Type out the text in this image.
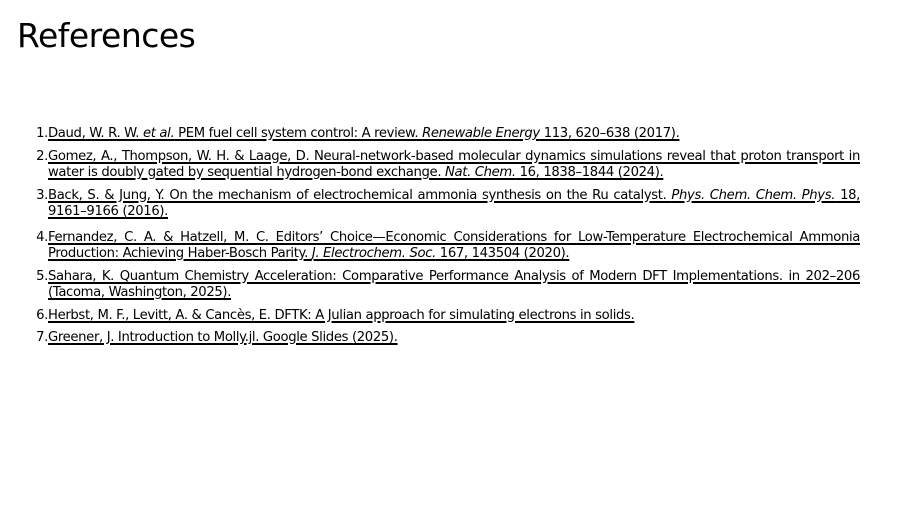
References
1. Daud, W. R. W. et al. PEM fuel cell system control: A review. Renewable Energy 113, 620–638 (2017).
2. Gomez, A., Thompson, W. H. & Laage, D. Neural-network-based molecular dynamics simulations reveal that proton transport in water is doubly gated by sequential hydrogen-bond exchange. Nat. Chem. 16, 1838–1844 (2024).
3. Back, S. & Jung, Y. On the mechanism of electrochemical ammonia synthesis on the Ru catalyst. Phys. Chem. Chem. Phys. 18, 9161–9166 (2016).
4. Fernandez, C. A. & Hatzell, M. C. Editors’ Choice—Economic Considerations for Low-Temperature Electrochemical Ammonia Production: Achieving Haber-Bosch Parity. J. Electrochem. Soc. 167, 143504 (2020).
5. Sahara, K. Quantum Chemistry Acceleration: Comparative Performance Analysis of Modern DFT Implementations. in 202–206 (Tacoma, Washington, 2025).
6. Herbst, M. F., Levitt, A. & Cancès, E. DFTK: A Julian approach for simulating electrons in solids.
7. Greener, J. Introduction to Molly.jl. Google Slides (2025).
